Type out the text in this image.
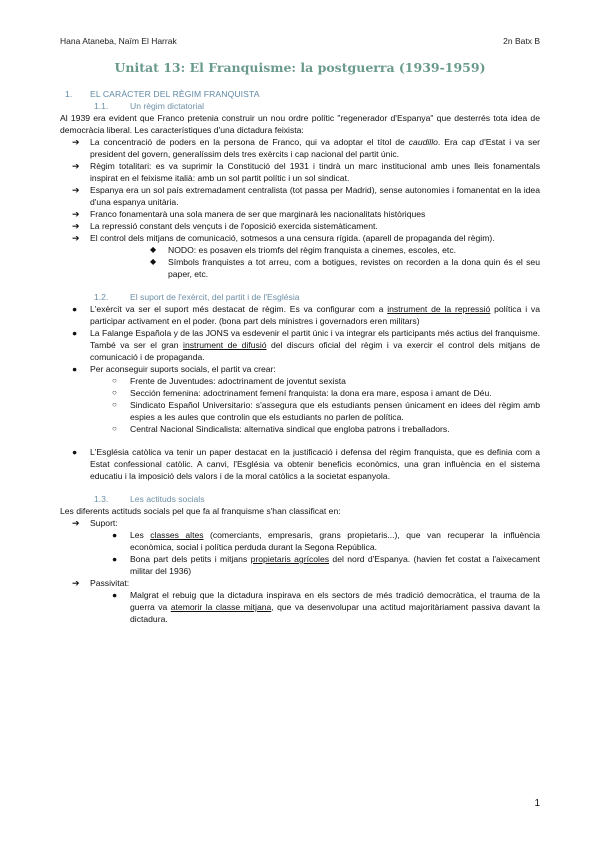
Hana Ataneba, Naïm El Harrak	2n Batx B
Unitat 13: El Franquisme: la postguerra (1939-1959)
1. EL CARÀCTER DEL RÈGIM FRANQUISTA
1.1.	Un règim dictatorial
Al 1939 era evident que Franco pretenia construir un nou ordre polític "regenerador d'Espanya" que desterrés tota idea de democràcia liberal. Les característiques d'una dictadura feixista:
➔ La concentració de poders en la persona de Franco, qui va adoptar el títol de caudillo. Era cap d'Estat i va ser president del govern, generalíssim dels tres exèrcits i cap nacional del partit únic.
➔ Règim totalitari: es va suprimir la Constitució del 1931 i tindrà un marc institucional amb unes lleis fonamentals inspirat en el feixisme italià: amb un sol partit polític i un sol sindicat.
➔ Espanya era un sol país extremadament centralista (tot passa per Madrid), sense autonomies i fomanentat en la idea d'una espanya unitària.
➔ Franco fonamentarà una sola manera de ser que marginarà les nacionalitats històriques
➔ La repressió constant dels vençuts i de l'oposició exercida sistemàticament.
➔ El control dels mitjans de comunicació, sotmesos a una censura rígida. (aparell de propaganda del règim).
◆ NODO: es posaven els triomfs del règim franquista a cinemes, escoles, etc.
◆ Símbols franquistes a tot arreu, com a botigues, revistes on recorden a la dona quin és el seu paper, etc.
1.2.	El suport de l'exèrcit, del partit i de l'Església
● L'exèrcit va ser el suport més destacat de règim. Es va configurar com a instrument de la repressió política i va participar activament en el poder. (bona part dels ministres i governadors eren militars)
● La Falange Española y de las JONS va esdevenir el partit únic i va integrar els participants més actius del franquisme. També va ser el gran instrument de difusió del discurs oficial del règim i va exercir el control dels mitjans de comunicació i de propaganda.
● Per aconseguir suports socials, el partit va crear:
○ Frente de Juventudes: adoctrinament de joventut sexista
○ Sección femenina: adoctrinament femení franquista: la dona era mare, esposa i amant de Déu.
○ Sindicato Español Universitario: s'assegura que els estudiants pensen únicament en idees del règim amb espies a les aules que controlin que els estudiants no parlen de política.
○ Central Nacional Sindicalista: alternativa sindical que engloba patrons i treballadors.
● L'Església catòlica va tenir un paper destacat en la justificació i defensa del règim franquista, que es definia com a Estat confessional catòlic. A canvi, l'Església va obtenir beneficis econòmics, una gran influència en el sistema educatiu i la imposició dels valors i de la moral catòlics a la societat espanyola.
1.3.	Les actituds socials
Les diferents actituds socials pel que fa al franquisme s'han classificat en:
➔ Suport:
● Les classes altes (comerciants, empresaris, grans propietaris...), que van recuperar la influència econòmica, social i política perduda durant la Segona República.
● Bona part dels petits i mitjans propietaris agrícoles del nord d'Espanya. (havien fet costat a l'aixecament militar del 1936)
➔ Passivitat:
● Malgrat el rebuig que la dictadura inspirava en els sectors de més tradició democràtica, el trauma de la guerra va atemorir la classe mitjana, que va desenvolupar una actitud majoritàriament passiva davant la dictadura.
1
